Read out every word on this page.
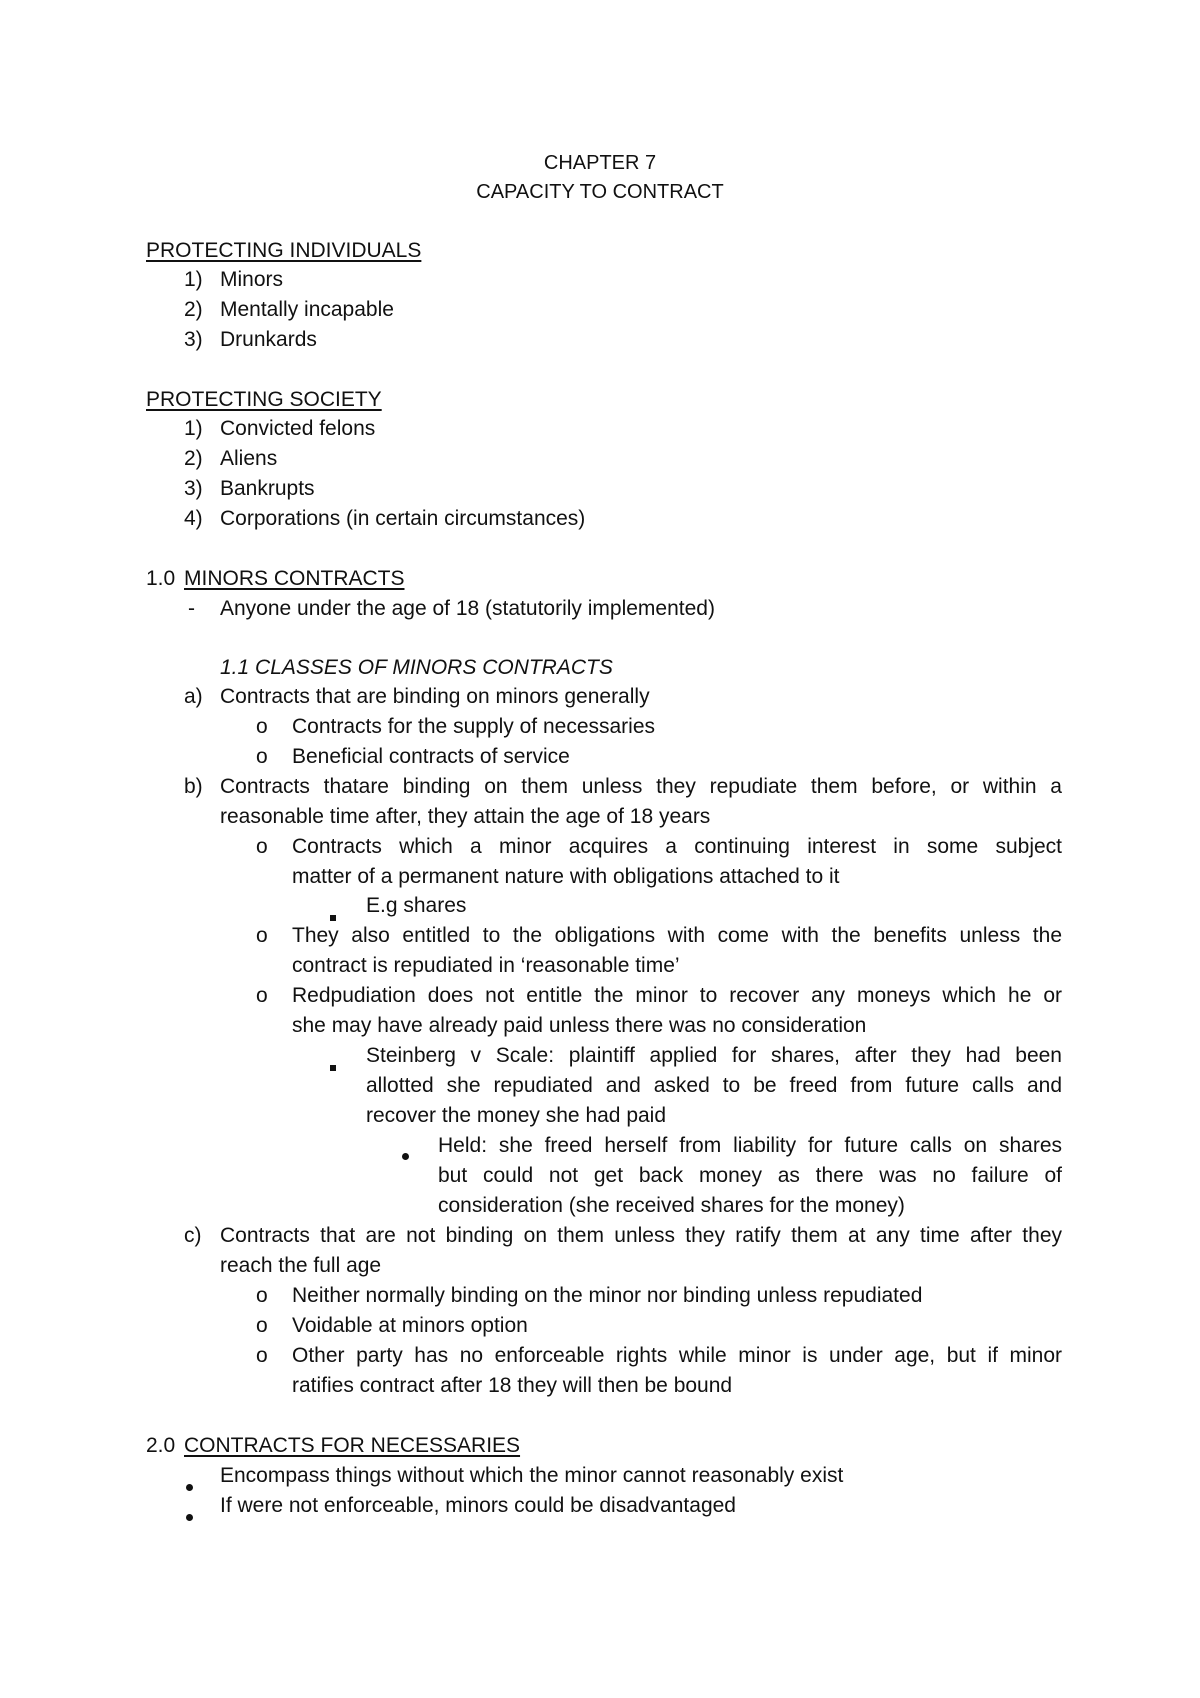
CHAPTER 7
CAPACITY TO CONTRACT
PROTECTING INDIVIDUALS
1) Minors
2) Mentally incapable
3) Drunkards
PROTECTING SOCIETY
1) Convicted felons
2) Aliens
3) Bankrupts
4) Corporations (in certain circumstances)
1.0 MINORS CONTRACTS
- Anyone under the age of 18 (statutorily implemented)
1.1 CLASSES OF MINORS CONTRACTS
a) Contracts that are binding on minors generally
o Contracts for the supply of necessaries
o Beneficial contracts of service
b) Contracts thatare binding on them unless they repudiate them before, or within a
reasonable time after, they attain the age of 18 years
o Contracts which a minor acquires a continuing interest in some subject
matter of a permanent nature with obligations attached to it
E.g shares
o They also entitled to the obligations with come with the benefits unless the
contract is repudiated in ‘reasonable time’
o Redpudiation does not entitle the minor to recover any moneys which he or
she may have already paid unless there was no consideration
Steinberg v Scale: plaintiff applied for shares, after they had been
allotted she repudiated and asked to be freed from future calls and
recover the money she had paid
Held: she freed herself from liability for future calls on shares
but could not get back money as there was no failure of
consideration (she received shares for the money)
c) Contracts that are not binding on them unless they ratify them at any time after they
reach the full age
o Neither normally binding on the minor nor binding unless repudiated
o Voidable at minors option
o Other party has no enforceable rights while minor is under age, but if minor
ratifies contract after 18 they will then be bound
2.0 CONTRACTS FOR NECESSARIES
Encompass things without which the minor cannot reasonably exist
If were not enforceable, minors could be disadvantaged
